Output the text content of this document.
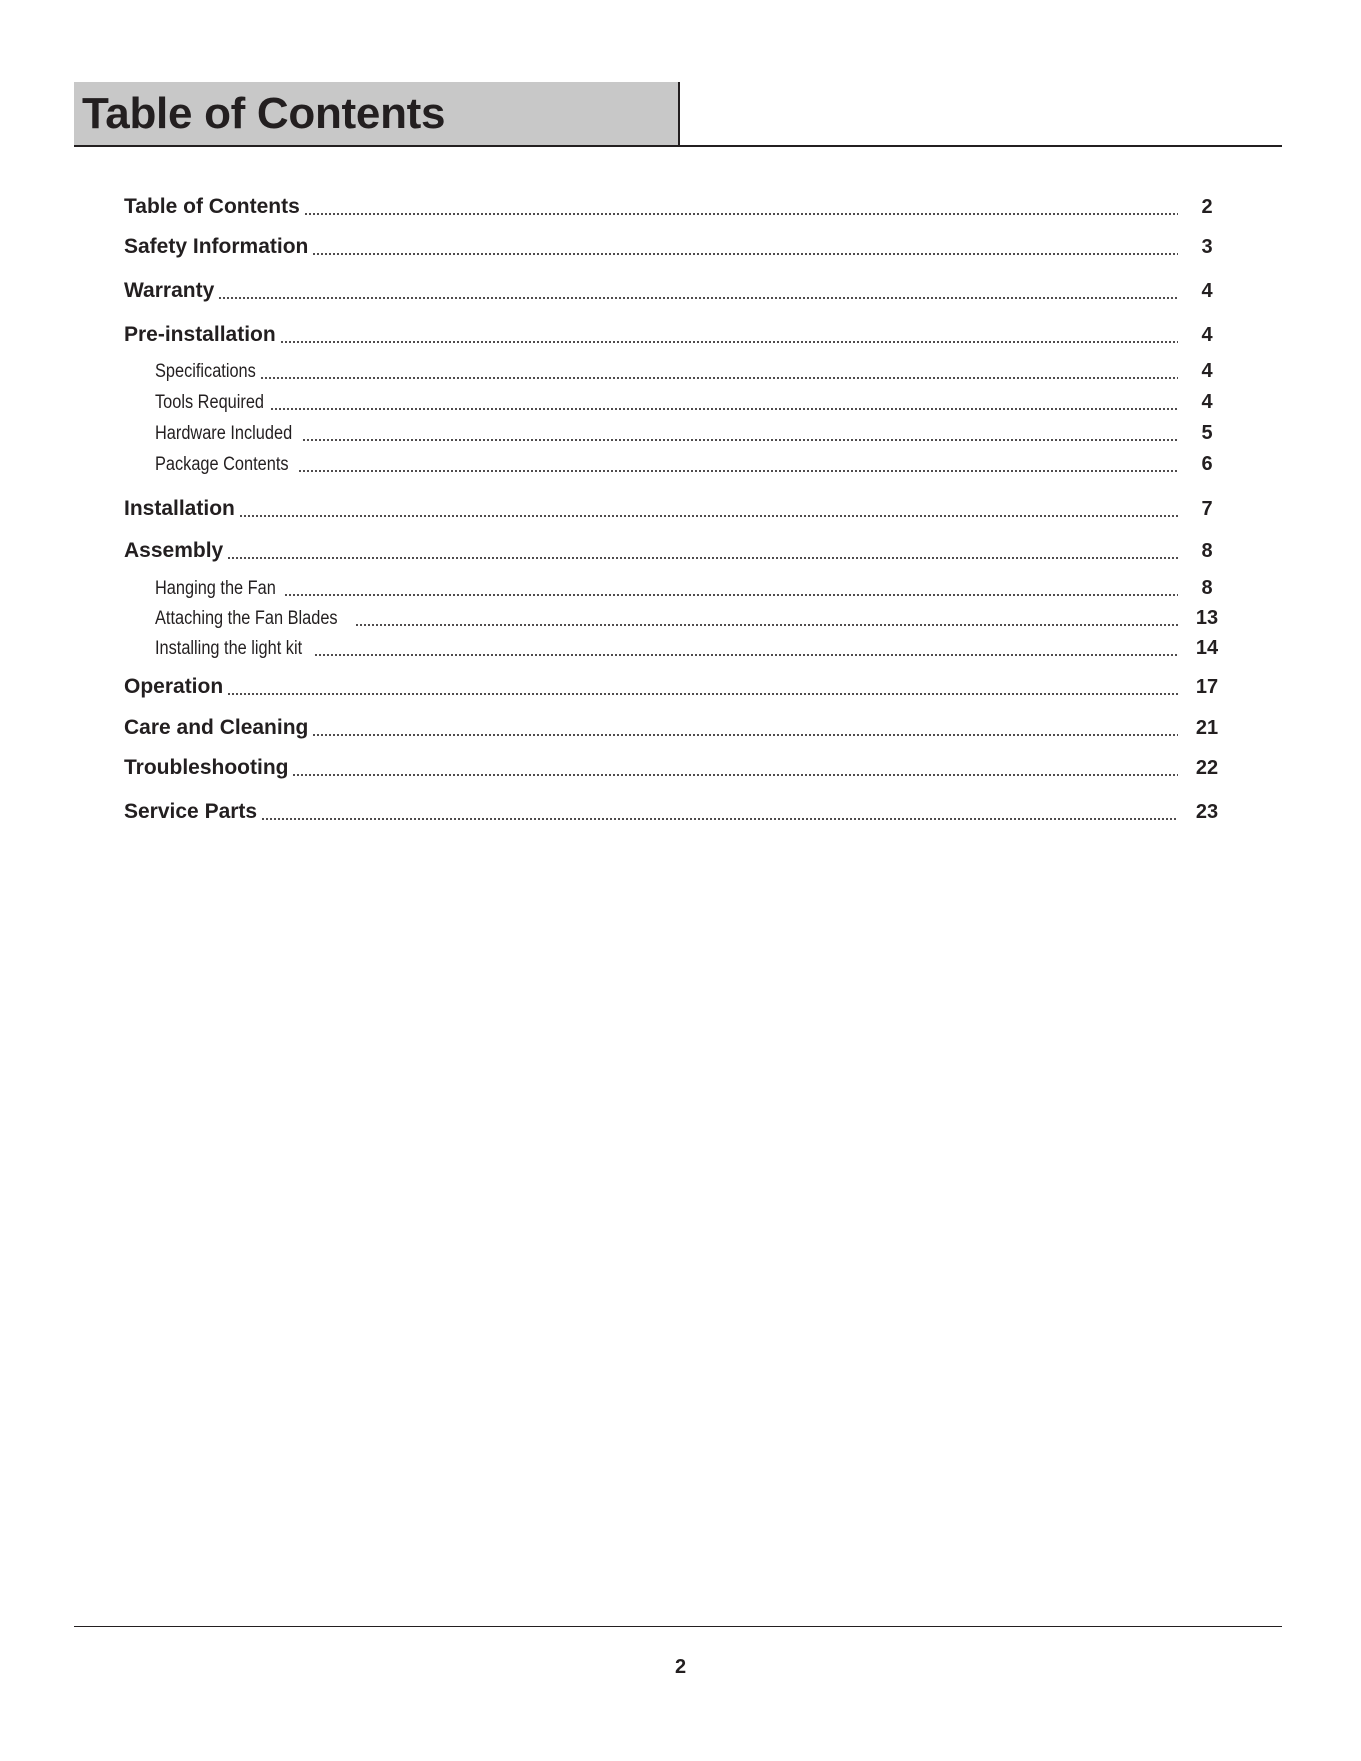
Table of Contents
Table of Contents	2
Safety Information	3
Warranty	4
Pre-installation	4
Specifications	4
Tools Required	4
Hardware Included	5
Package Contents	6
Installation	7
Assembly	8
Hanging the Fan	8
Attaching the Fan Blades	13
Installing the light kit	14
Operation	17
Care and Cleaning	21
Troubleshooting	22
Service Parts	23
2
